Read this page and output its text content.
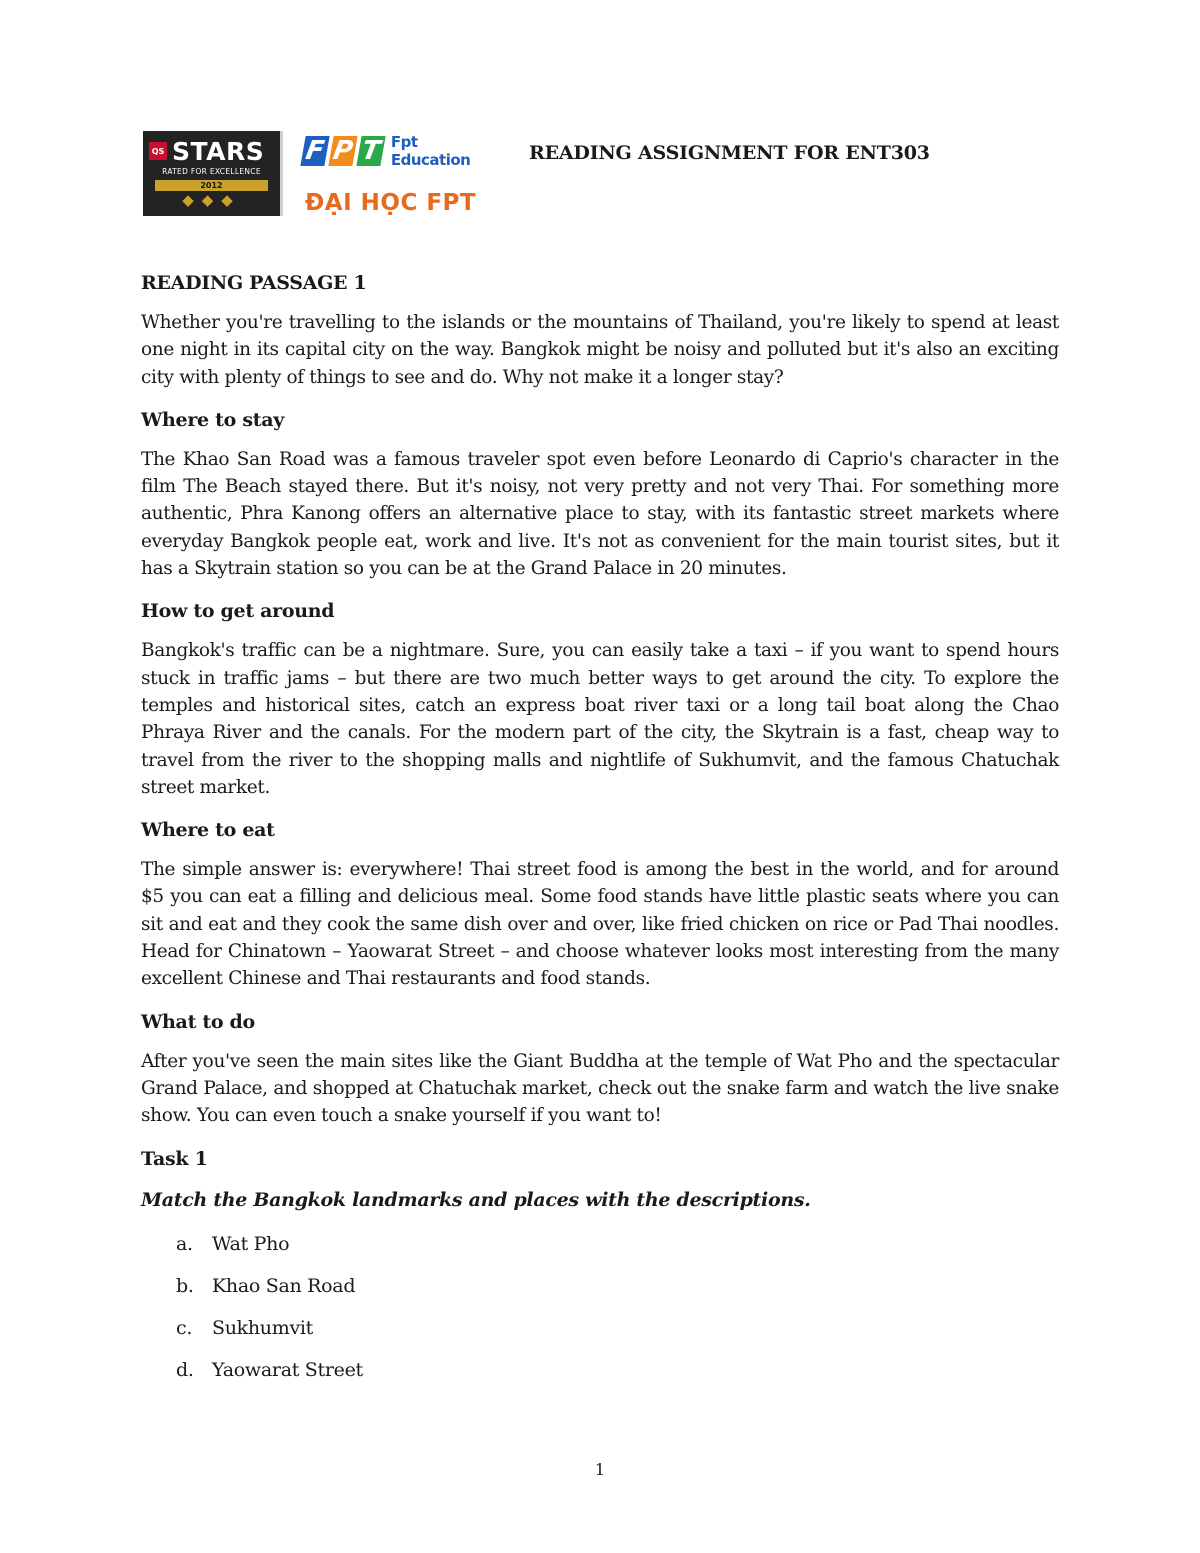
QS STARS
RATED FOR EXCELLENCE
2012
◆◆◆
F P T Fpt Education
ĐẠI HỌC FPT
READING ASSIGNMENT FOR ENT303

READING PASSAGE 1

Whether you're travelling to the islands or the mountains of Thailand, you're likely to spend at least one night in its capital city on the way. Bangkok might be noisy and polluted but it's also an exciting city with plenty of things to see and do. Why not make it a longer stay?

Where to stay

The Khao San Road was a famous traveler spot even before Leonardo di Caprio's character in the film The Beach stayed there. But it's noisy, not very pretty and not very Thai. For something more authentic, Phra Kanong offers an alternative place to stay, with its fantastic street markets where everyday Bangkok people eat, work and live. It's not as convenient for the main tourist sites, but it has a Skytrain station so you can be at the Grand Palace in 20 minutes.

How to get around

Bangkok's traffic can be a nightmare. Sure, you can easily take a taxi – if you want to spend hours stuck in traffic jams – but there are two much better ways to get around the city. To explore the temples and historical sites, catch an express boat river taxi or a long tail boat along the Chao Phraya River and the canals. For the modern part of the city, the Skytrain is a fast, cheap way to travel from the river to the shopping malls and nightlife of Sukhumvit, and the famous Chatuchak street market.

Where to eat

The simple answer is: everywhere! Thai street food is among the best in the world, and for around $5 you can eat a filling and delicious meal. Some food stands have little plastic seats where you can sit and eat and they cook the same dish over and over, like fried chicken on rice or Pad Thai noodles. Head for Chinatown – Yaowarat Street – and choose whatever looks most interesting from the many excellent Chinese and Thai restaurants and food stands.

What to do

After you've seen the main sites like the Giant Buddha at the temple of Wat Pho and the spectacular Grand Palace, and shopped at Chatuchak market, check out the snake farm and watch the live snake show. You can even touch a snake yourself if you want to!

Task 1

Match the Bangkok landmarks and places with the descriptions.

a.	Wat Pho
b. Khao San Road
c.	Sukhumvit
d. Yaowarat Street
1
